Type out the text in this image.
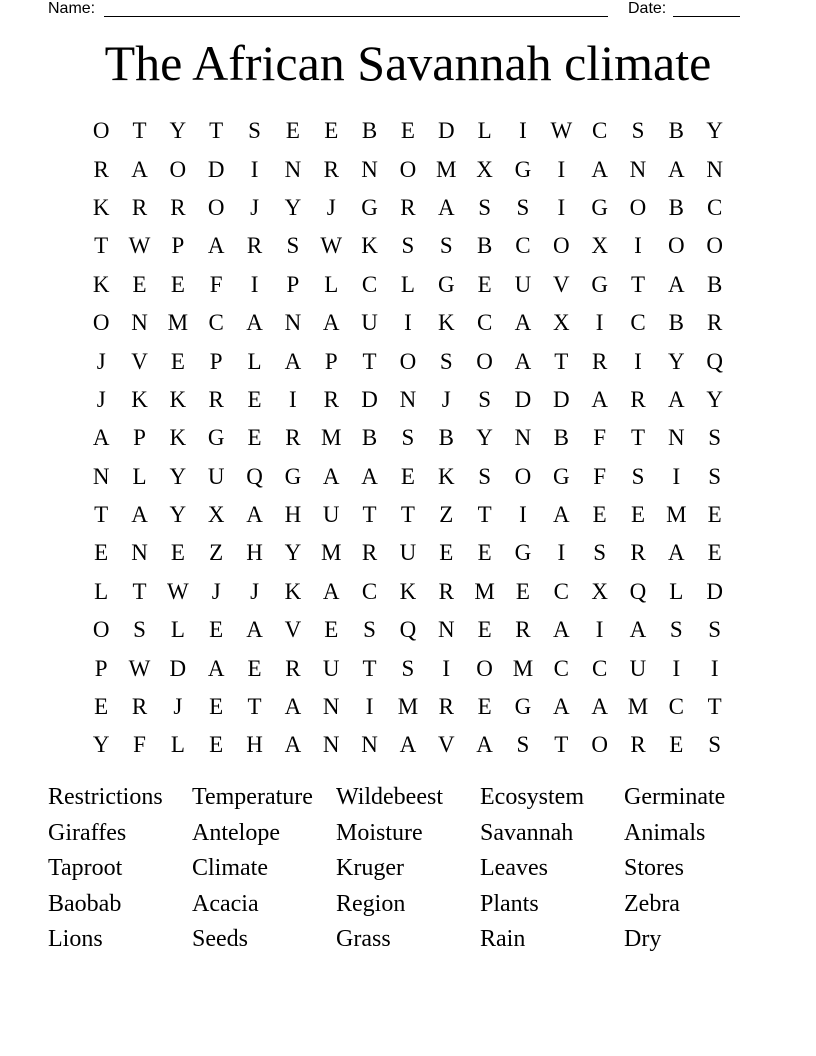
Name:	Date:
The African Savannah climate
O	T	Y	T	S	E	E	B	E	D	L	I	W C	S	B Y
R A O D	I	N R N O M X G	I	A N A N
K R	R O	J	Y	J	G R A	S	S	I	G O B	C
T W P	A R	S W K	S	S	B	C O X	I	O O
K	E	E	F	I	P	L	C	L	G	E	U V G	T	A B
O N M C A N A U	I	K C A X	I	C	B	R
J	V	E	P	L	A	P	T	O	S	O A	T	R	I	Y Q
J	K K R	E	I	R D N	J	S	D D A R A Y
A	P	K G	E	R M B	S	B Y N B	F	T	N	S
N	L	Y U Q G A A	E	K	S	O G	F	S	I	S
T	A Y X A H U	T	T	Z	T	I	A	E	E M E
E	N	E	Z	H Y M R U	E	E	G	I	S	R A	E
L	T W	J	J	K A C K R M E	C X Q	L	D
O	S	L	E	A V	E	S	Q N	E	R A	I	A	S	S
P W D A	E	R U	T	S	I	O M C	C U	I	I
E	R	J	E	T	A N	I	M R	E	G A A M C	T
Y	F	L	E	H A N N A V A	S	T	O R	E	S
Restrictions	Temperature Wildebeest	Ecosystem	Germinate
Giraffes	Antelope	Moisture	Savannah	Animals
Taproot	Climate	Kruger	Leaves	Stores
Baobab	Acacia	Region	Plants	Zebra
Lions	Seeds	Grass	Rain	Dry
